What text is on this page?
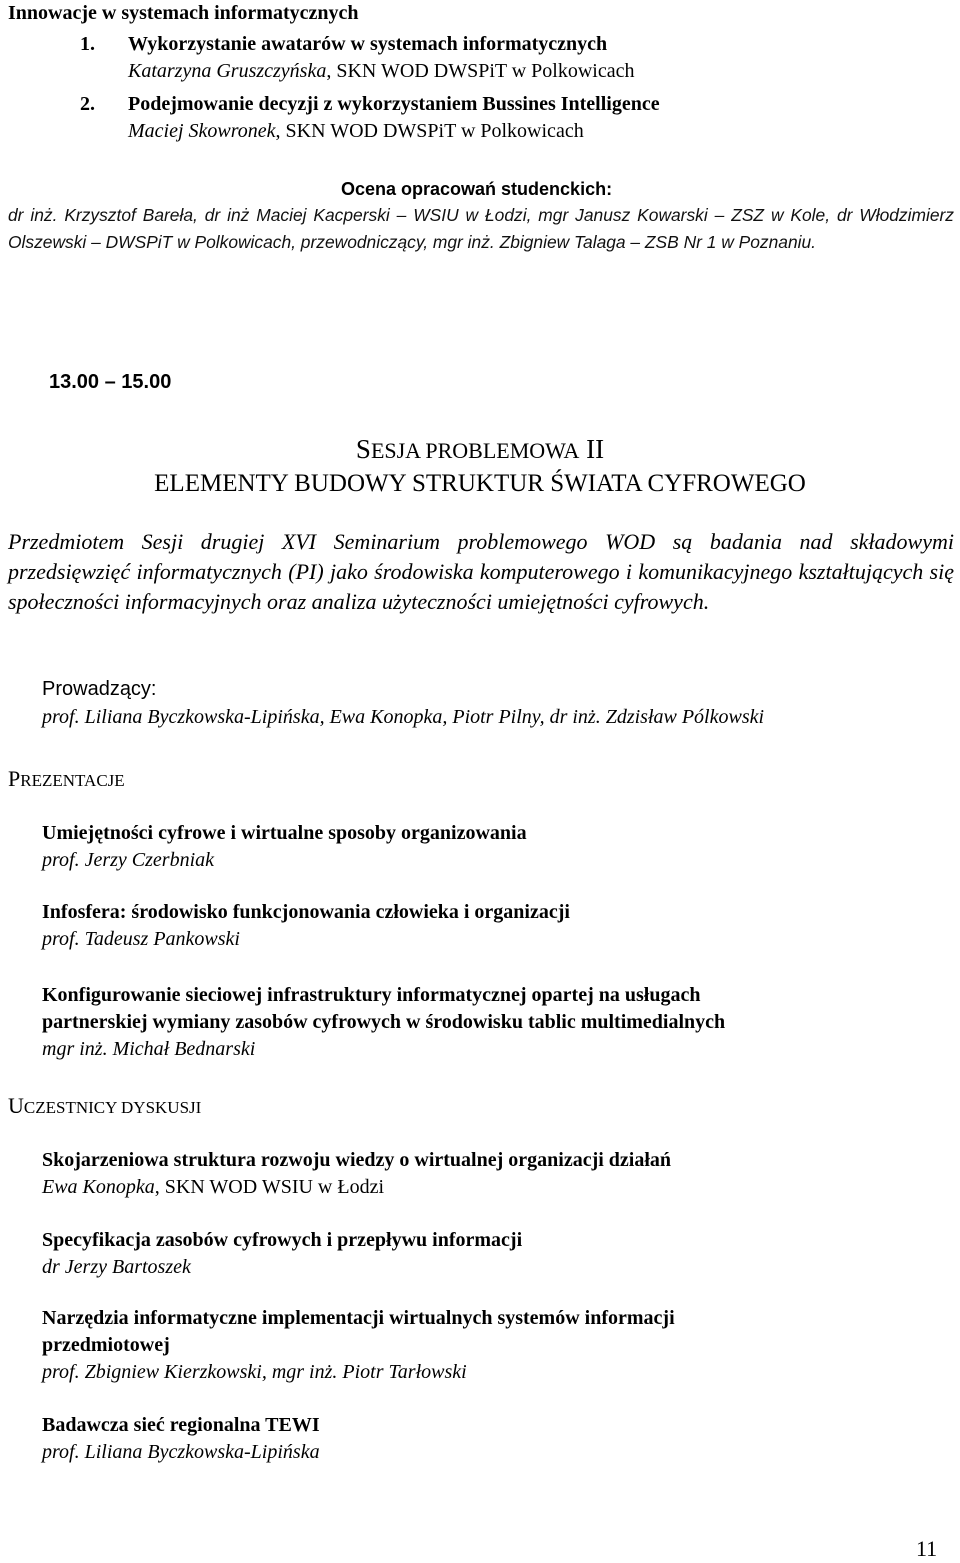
Innowacje w systemach informatycznych
1. Wykorzystanie awatarów w systemach informatycznych
Katarzyna Gruszczyńska, SKN WOD DWSPiT w Polkowicach
2. Podejmowanie decyzji z wykorzystaniem Bussines Intelligence
Maciej Skowronek, SKN WOD DWSPiT w Polkowicach
Ocena opracowań studenckich:
dr inż. Krzysztof Bareła, dr inż Maciej Kacperski – WSIU w Łodzi, mgr Janusz Kowarski – ZSZ w Kole, dr Włodzimierz Olszewski – DWSPiT w Polkowicach, przewodniczący, mgr inż. Zbigniew Talaga – ZSB Nr 1 w Poznaniu.
13.00 – 15.00
SESJA PROBLEMOWA II
ELEMENTY BUDOWY STRUKTUR ŚWIATA CYFROWEGO
Przedmiotem Sesji drugiej XVI Seminarium problemowego WOD są badania nad składowymi przedsięwzięć informatycznych (PI) jako środowiska komputerowego i komunikacyjnego kształtujących się społeczności informacyjnych oraz analiza użyteczności umiejętności cyfrowych.
Prowadzący:
prof. Liliana Byczkowska-Lipińska, Ewa Konopka, Piotr Pilny, dr inż. Zdzisław Pólkowski
PREZENTACJE
Umiejętności cyfrowe i wirtualne sposoby organizowania
prof. Jerzy Czerbniak
Infosfera: środowisko funkcjonowania człowieka i organizacji
prof. Tadeusz Pankowski
Konfigurowanie sieciowej infrastruktury informatycznej opartej na usługach
partnerskiej wymiany zasobów cyfrowych w środowisku tablic multimedialnych
mgr inż. Michał Bednarski
UCZESTNICY DYSKUSJI
Skojarzeniowa struktura rozwoju wiedzy o wirtualnej organizacji działań
Ewa Konopka, SKN WOD WSIU w Łodzi
Specyfikacja zasobów cyfrowych i przepływu informacji
dr Jerzy Bartoszek
Narzędzia informatyczne implementacji wirtualnych systemów informacji
przedmiotowej
prof. Zbigniew Kierzkowski, mgr inż. Piotr Tarłowski
Badawcza sieć regionalna TEWI
prof. Liliana Byczkowska-Lipińska
11
